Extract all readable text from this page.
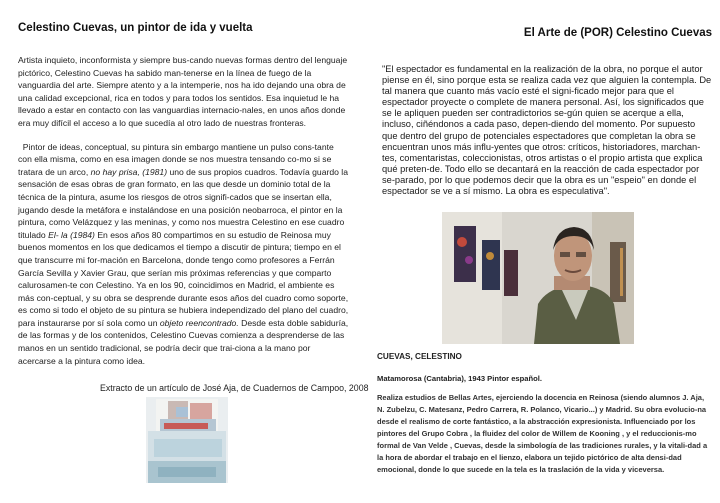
Celestino Cuevas, un pintor de ida y vuelta

Artista inquieto, inconformista y siempre bus-cando nuevas formas dentro del lenguaje pictórico, Celestino Cuevas ha sabido man-tenerse en la línea de fuego de la vanguardia del arte. Siempre atento y a la intemperie, nos ha ido dejando una obra de una calidad excepcional, rica en todos y para todos los sentidos. Esa inquietud le ha llevado a estar en contacto con las vanguardias internacio-nales, en unos años donde era muy difícil el acceso a lo que sucedía al otro lado de nuestras fronteras.

Pintor de ideas, conceptual, su pintura sin embargo mantiene un pulso cons-tante con ella misma, como en esa imagen donde se nos muestra tensando co-mo si se tratara de un arco, no hay prisa, (1981) uno de sus propios cuadros. Todavía guardo la sensación de esas obras de gran formato, en las que desde un dominio total de la técnica de la pintura, asume los riesgos de otros signifi-cados que se insertan ella, jugando desde la metáfora e instalándose en una posición neobarroca, el pintor en la pintura, como Velázquez y las meninas, y como nos muestra Celestino en ese cuadro titulado El- la (1984) En esos años 80 compartimos en su estudio de Reinosa muy buenos momentos en los que dedicamos el tiempo a discutir de pintura; tiempo en el que transcurre mi for-mación en Barcelona, donde tengo como profesores a Ferrán García Sevilla y Xavier Grau, que serían mis próximas referencias y que comparto calurosamen-te con Celestino. Ya en los 90, coincidimos en Madrid, el ambiente es más con-ceptual, y su obra se desprende durante esos años del cuadro como soporte, es como si todo el objeto de su pintura se hubiera independizado del plano del cuadro, para instaurarse por sí sola como un objeto reencontrado. Desde esta doble sabiduría, de las formas y de los contenidos, Celestino Cuevas comienza a desprenderse de las manos en un sentido tradicional, se podría decir que trai-ciona a la mano por acercarse a la pintura como idea.

Extracto de un artículo de José Aja, de Cuadernos de Campoo, 2008
El Arte de (POR) Celestino Cuevas
"El espectador es fundamental en la realización de la obra, no porque el autor piense en él, sino porque esta se realiza cada vez que alguien la contempla. De tal manera que cuanto más vacío esté el signi-ficado mejor para que el espectador proyecte o complete de manera personal. Así, los significados que se le apliquen pueden ser contradictorios se-gún quien se acerque a ella, incluso, ciñéndonos a cada paso, depen-diendo del momento. Por supuesto que dentro del grupo de potenciales espectadores que completan la obra se encuentran unos más influ-yentes que otros: críticos, historiadores, marchan-tes, comentaristas, coleccionistas, otros artistas o el propio artista que explica qué preten-de. Todo ello se decantará en la reacción de cada espectador por se-parado, por lo que podemos decir que la obra es un "espeio" en donde el espectador se ve a sí mismo. La obra es especulativa".
CUEVAS, CELESTINO
Matamorosa (Cantabria), 1943 Pintor español.
Realiza estudios de Bellas Artes, ejerciendo la docencia en Reinosa (siendo alumnos J. Aja, N. Zubelzu, C. Matesanz, Pedro Carrera, R. Polanco, Vicario...) y Madrid. Su obra evolucio-na desde el realismo de corte fantástico, a la abstracción expresionista. Influenciado por los pintores del Grupo Cobra , la fluidez del color de Willem de Kooning , y el reduccionis-mo formal de Van Velde , Cuevas, desde la simbología de las tradiciones rurales, y la vitali-dad a la hora de abordar el trabajo en el lienzo, elabora un tejido pictórico de alta densi-dad emocional, donde lo que sucede en la tela es la traslación de la vida y viceversa.
